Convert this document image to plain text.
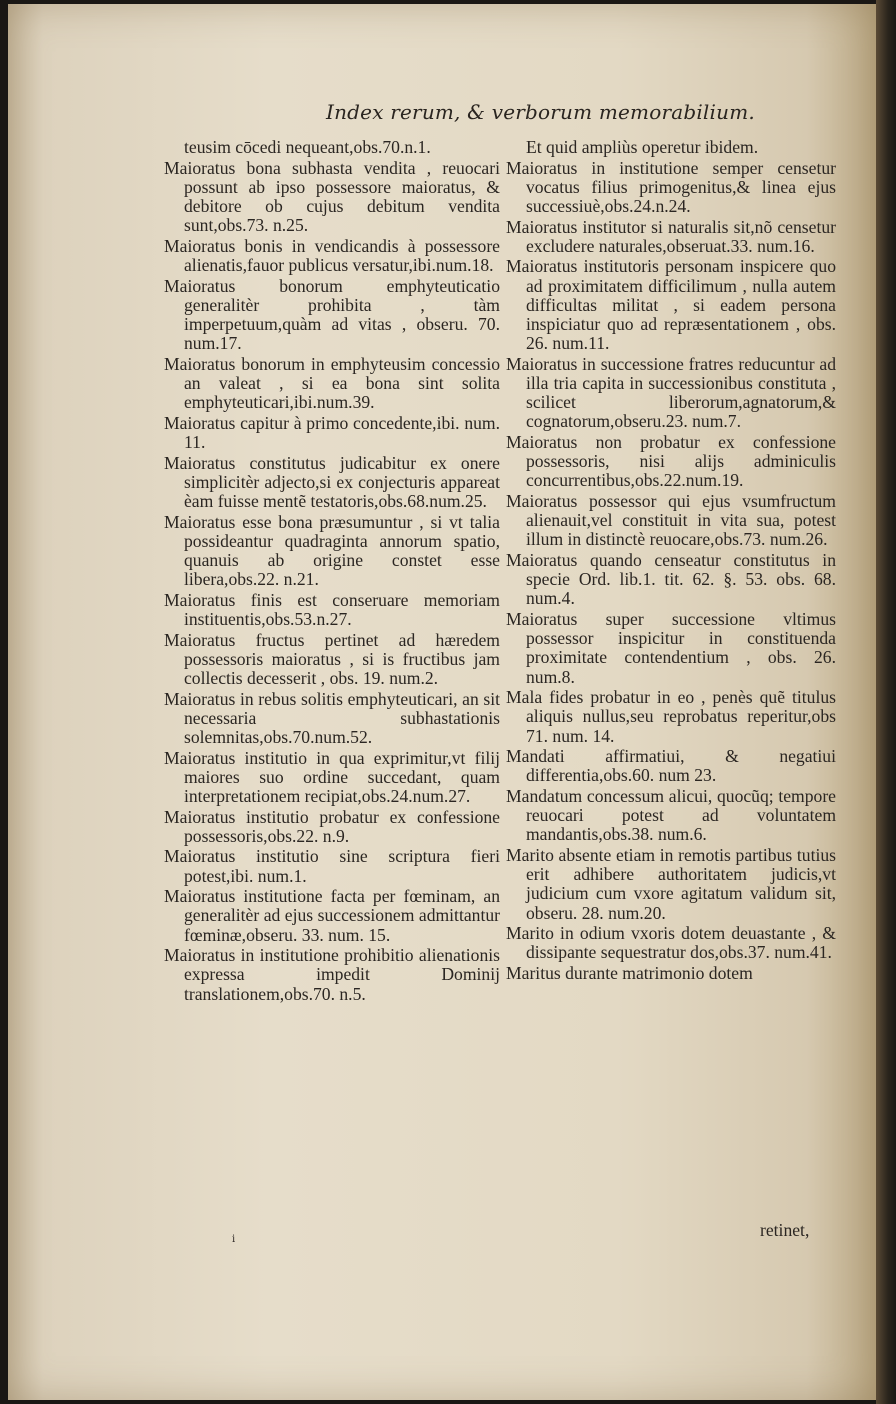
Index rerum, & verborum memorabilium.

teusim cōcedi nequeant,obs.70.n.1.

Maioratus bona subhasta vendita , reuocari possunt ab ipso possessore maioratus, & debitore ob cujus debitum vendita sunt,obs.73. n.25.

Maioratus bonis in vendicandis à possessore alienatis,fauor publicus versatur,ibi.num.18.

Maioratus bonorum emphyteuticatio generalitèr prohibita , tàm imperpetuum,quàm ad vitas , obseru. 70. num.17.

Maioratus bonorum in emphyteusim concessio an valeat , si ea bona sint solita emphyteuticari,ibi.num.39.

Maioratus capitur à primo concedente,ibi. num. 11.

Maioratus constitutus judicabitur ex onere simplicitèr adjecto,si ex conjecturis appareat èam fuisse mentẽ testatoris,obs.68.num.25.

Maioratus esse bona præsumuntur , si vt talia possideantur quadraginta annorum spatio, quanuis ab origine constet esse libera,obs.22. n.21.

Maioratus finis est conseruare memoriam instituentis,obs.53.n.27.

Maioratus fructus pertinet ad hæredem possessoris maioratus , si is fructibus jam collectis decesserit , obs. 19. num.2.

Maioratus in rebus solitis emphyteuticari, an sit necessaria subhastationis solemnitas,obs.70.num.52.

Maioratus institutio in qua exprimitur,vt filij maiores suo ordine succedant, quam interpretationem recipiat,obs.24.num.27.

Maioratus institutio probatur ex confessione possessoris,obs.22. n.9.

Maioratus institutio sine scriptura fieri potest,ibi. num.1.

Maioratus institutione facta per fœminam, an generalitèr ad ejus successionem admittantur fœminæ,obseru. 33. num. 15.

Maioratus in institutione prohibitio alienationis expressa impedit Dominij translationem,obs.70. n.5.

Et quid ampliùs operetur ibidem.

Maioratus in institutione semper censetur vocatus filius primogenitus,& linea ejus successiuè,obs.24.n.24.

Maioratus institutor si naturalis sit,nõ censetur excludere naturales,obseruat.33. num.16.

Maioratus institutoris personam inspicere quo ad proximitatem difficilimum , nulla autem difficultas militat , si eadem persona inspiciatur quo ad repræsentationem , obs. 26. num.11.

Maioratus in successione fratres reducuntur ad illa tria capita in successionibus constituta , scilicet liberorum,agnatorum,& cognatorum,obseru.23. num.7.

Maioratus non probatur ex confessione possessoris, nisi alijs adminiculis concurrentibus,obs.22.num.19.

Maioratus possessor qui ejus vsumfructum alienauit,vel constituit in vita sua, potest illum in distinctè reuocare,obs.73. num.26.

Maioratus quando censeatur constitutus in specie Ord. lib.1. tit. 62. §. 53. obs. 68. num.4.

Maioratus super successione vltimus possessor inspicitur in constituenda proximitate contendentium , obs. 26. num.8.

Mala fides probatur in eo , penès quẽ titulus aliquis nullus,seu reprobatus reperitur,obs 71. num. 14.

Mandati affirmatiui, & negatiui differentia,obs.60. num 23.

Mandatum concessum alicui, quocũq; tempore reuocari potest ad voluntatem mandantis,obs.38. num.6.

Marito absente etiam in remotis partibus tutius erit adhibere authoritatem judicis,vt judicium cum vxore agitatum validum sit, obseru. 28. num.20.

Marito in odium vxoris dotem deuastante , & dissipante sequestratur dos,obs.37. num.41.

Maritus durante matrimonio dotem

retinet,
i
